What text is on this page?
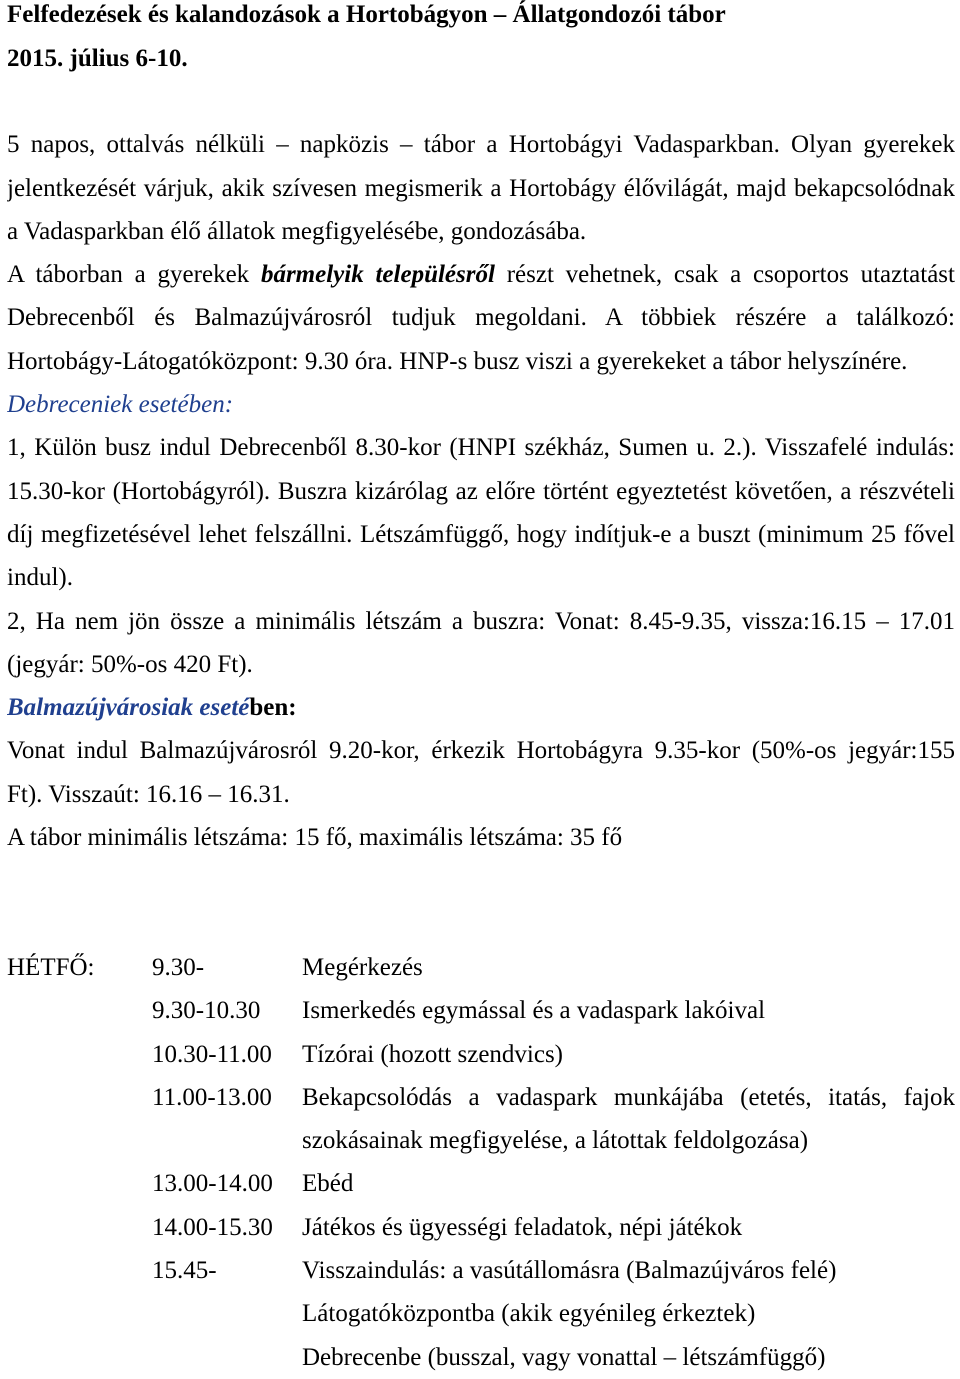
Felfedezések és kalandozások a Hortobágyon – Állatgondozói tábor
2015. július 6-10.
5 napos, ottalvás nélküli – napközis – tábor a Hortobágyi Vadasparkban. Olyan gyerekek
jelentkezését várjuk, akik szívesen megismerik a Hortobágy élővilágát, majd bekapcsolódnak
a Vadasparkban élő állatok megfigyelésébe, gondozásába.
A táborban a gyerekek bármelyik településről részt vehetnek, csak a csoportos utaztatást
Debrecenből és Balmazújvárosról tudjuk megoldani. A többiek részére a találkozó:
Hortobágy-Látogatóközpont: 9.30 óra. HNP-s busz viszi a gyerekeket a tábor helyszínére.
Debreceniek esetében:
1, Külön busz indul Debrecenből 8.30-kor (HNPI székház, Sumen u. 2.). Visszafelé indulás:
15.30-kor (Hortobágyról). Buszra kizárólag az előre történt egyeztetést követően, a részvételi
díj megfizetésével lehet felszállni. Létszámfüggő, hogy indítjuk-e a buszt (minimum 25 fővel
indul).
2, Ha nem jön össze a minimális létszám a buszra: Vonat: 8.45-9.35, vissza:16.15 – 17.01
(jegyár: 50%-os 420 Ft).
Balmazújvárosiak esetében:
Vonat indul Balmazújvárosról 9.20-kor, érkezik Hortobágyra 9.35-kor (50%-os jegyár:155
Ft). Visszaút: 16.16 – 16.31.
A tábor minimális létszáma: 15 fő, maximális létszáma: 35 fő
HÉTFŐ:	9.30-	Megérkezés
9.30-10.30	Ismerkedés egymással és a vadaspark lakóival
10.30-11.00	Tízórai (hozott szendvics)
11.00-13.00	Bekapcsolódás a vadaspark munkájába (etetés, itatás, fajok
szokásainak megfigyelése, a látottak feldolgozása)
13.00-14.00	Ebéd
14.00-15.30	Játékos és ügyességi feladatok, népi játékok
15.45-	Visszaindulás: a vasútállomásra (Balmazújváros felé)
Látogatóközpontba (akik egyénileg érkeztek)
Debrecenbe (busszal, vagy vonattal – létszámfüggő)
